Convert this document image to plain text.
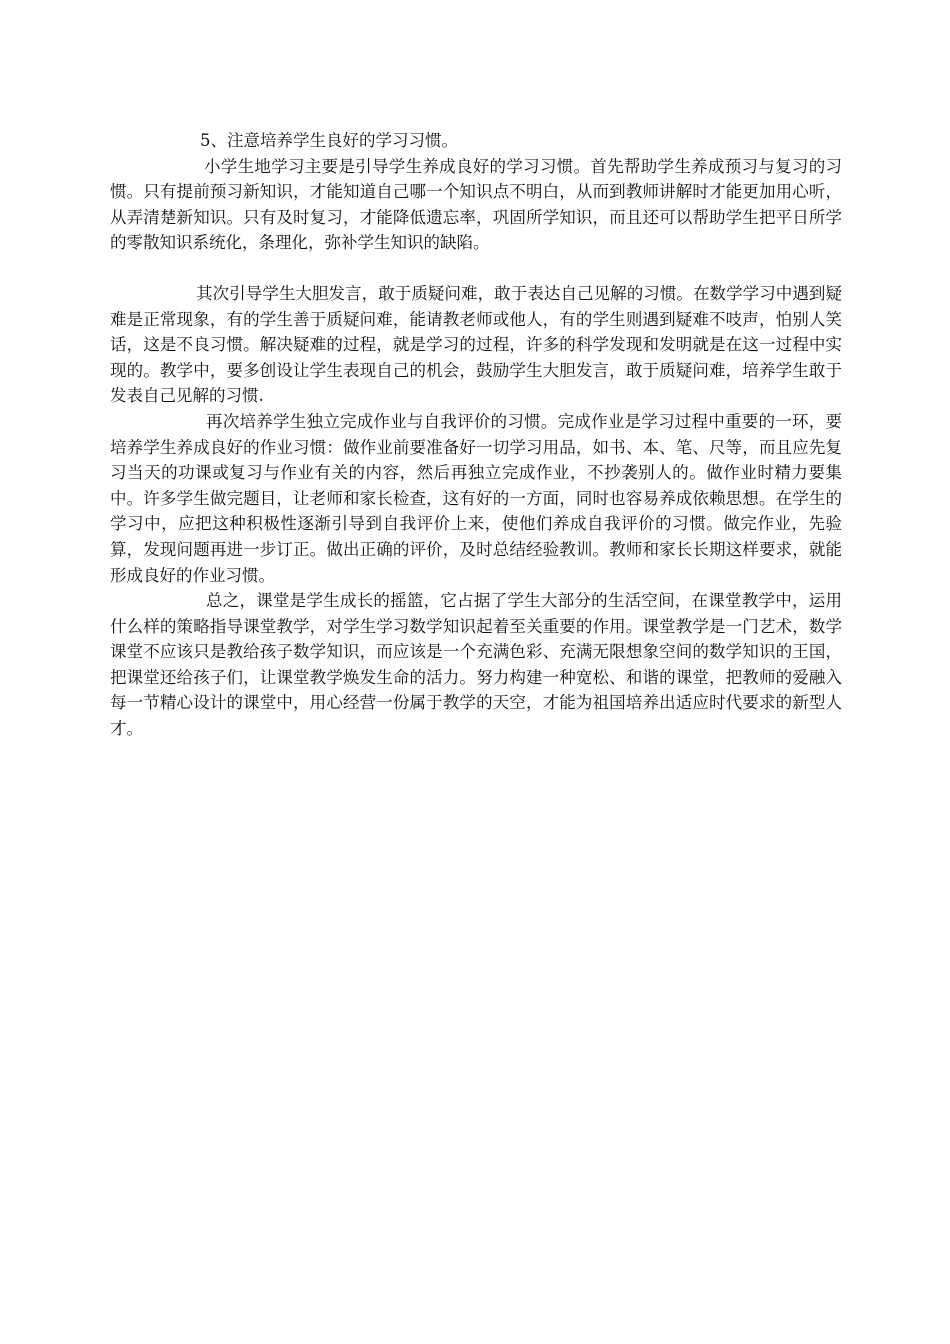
5、注意培养学生良好的学习习惯。

小学生地学习主要是引导学生养成良好的学习习惯。首先帮助学生养成预习与复习的习惯。只有提前预习新知识，才能知道自己哪一个知识点不明白，从而到教师讲解时才能更加用心听，从弄清楚新知识。只有及时复习，才能降低遗忘率，巩固所学知识，而且还可以帮助学生把平日所学的零散知识系统化，条理化，弥补学生知识的缺陷。

其次引导学生大胆发言，敢于质疑问难，敢于表达自己见解的习惯。在数学学习中遇到疑难是正常现象，有的学生善于质疑问难，能请教老师或他人，有的学生则遇到疑难不吱声，怕别人笑话，这是不良习惯。解决疑难的过程，就是学习的过程，许多的科学发现和发明就是在这一过程中实现的。教学中，要多创设让学生表现自己的机会，鼓励学生大胆发言，敢于质疑问难，培养学生敢于发表自己见解的习惯.

再次培养学生独立完成作业与自我评价的习惯。完成作业是学习过程中重要的一环，要培养学生养成良好的作业习惯：做作业前要准备好一切学习用品，如书、本、笔、尺等，而且应先复习当天的功课或复习与作业有关的内容，然后再独立完成作业，不抄袭别人的。做作业时精力要集中。许多学生做完题目，让老师和家长检查，这有好的一方面，同时也容易养成依赖思想。在学生的学习中，应把这种积极性逐渐引导到自我评价上来，使他们养成自我评价的习惯。做完作业，先验算，发现问题再进一步订正。做出正确的评价，及时总结经验教训。教师和家长长期这样要求，就能形成良好的作业习惯。

总之，课堂是学生成长的摇篮，它占据了学生大部分的生活空间，在课堂教学中，运用什么样的策略指导课堂教学，对学生学习数学知识起着至关重要的作用。课堂教学是一门艺术，数学课堂不应该只是教给孩子数学知识，而应该是一个充满色彩、充满无限想象空间的数学知识的王国，把课堂还给孩子们，让课堂教学焕发生命的活力。努力构建一种宽松、和谐的课堂，把教师的爱融入每一节精心设计的课堂中，用心经营一份属于教学的天空，才能为祖国培养出适应时代要求的新型人才。
